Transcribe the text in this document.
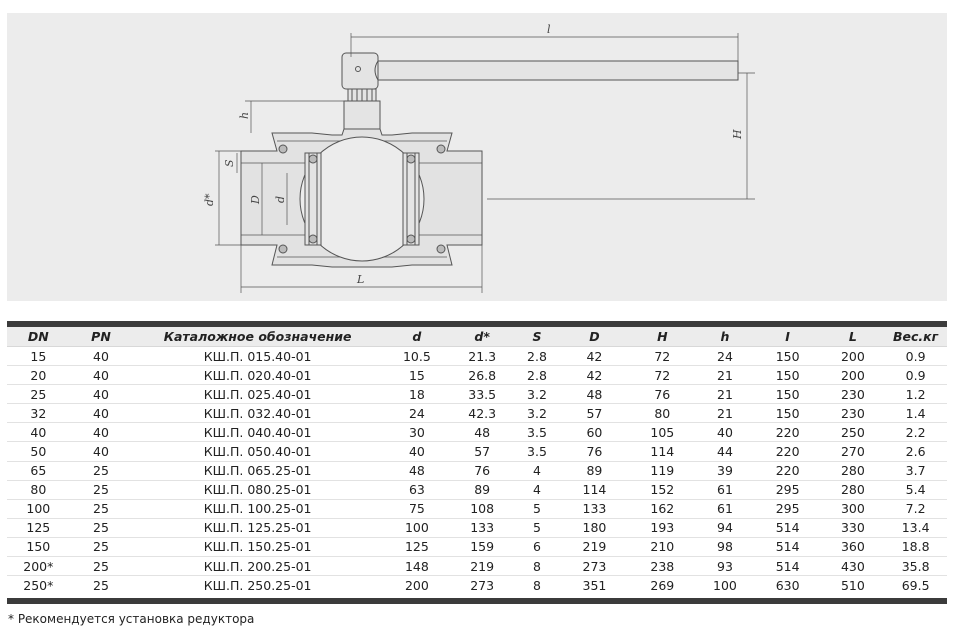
l
H
h
d*
S
D d
L
DN	PN	Каталожное обозначение	d	d*	S	D	H	h	I	L	Вес.кг
15	40	КШ.П. 015.40-01	10.5	21.3	2.8	42	72	24	150	200	0.9
20	40	КШ.П. 020.40-01	15	26.8	2.8	42	72	21	150	200	0.9
25	40	КШ.П. 025.40-01	18	33.5	3.2	48	76	21	150	230	1.2
32	40	КШ.П. 032.40-01	24	42.3	3.2	57	80	21	150	230	1.4
40	40	КШ.П. 040.40-01	30	48	3.5	60	105	40	220	250	2.2
50	40	КШ.П. 050.40-01	40	57	3.5	76	114	44	220	270	2.6
65	25	КШ.П. 065.25-01	48	76	4	89	119	39	220	280	3.7
80	25	КШ.П. 080.25-01	63	89	4	114	152	61	295	280	5.4
100	25	КШ.П. 100.25-01	75	108	5	133	162	61	295	300	7.2
125	25	КШ.П. 125.25-01	100	133	5	180	193	94	514	330	13.4
150	25	КШ.П. 150.25-01	125	159	6	219	210	98	514	360	18.8
200*	25	КШ.П. 200.25-01	148	219	8	273	238	93	514	430	35.8
250*	25	КШ.П. 250.25-01	200	273	8	351	269	100	630	510	69.5
* Рекомендуется установка редуктора
